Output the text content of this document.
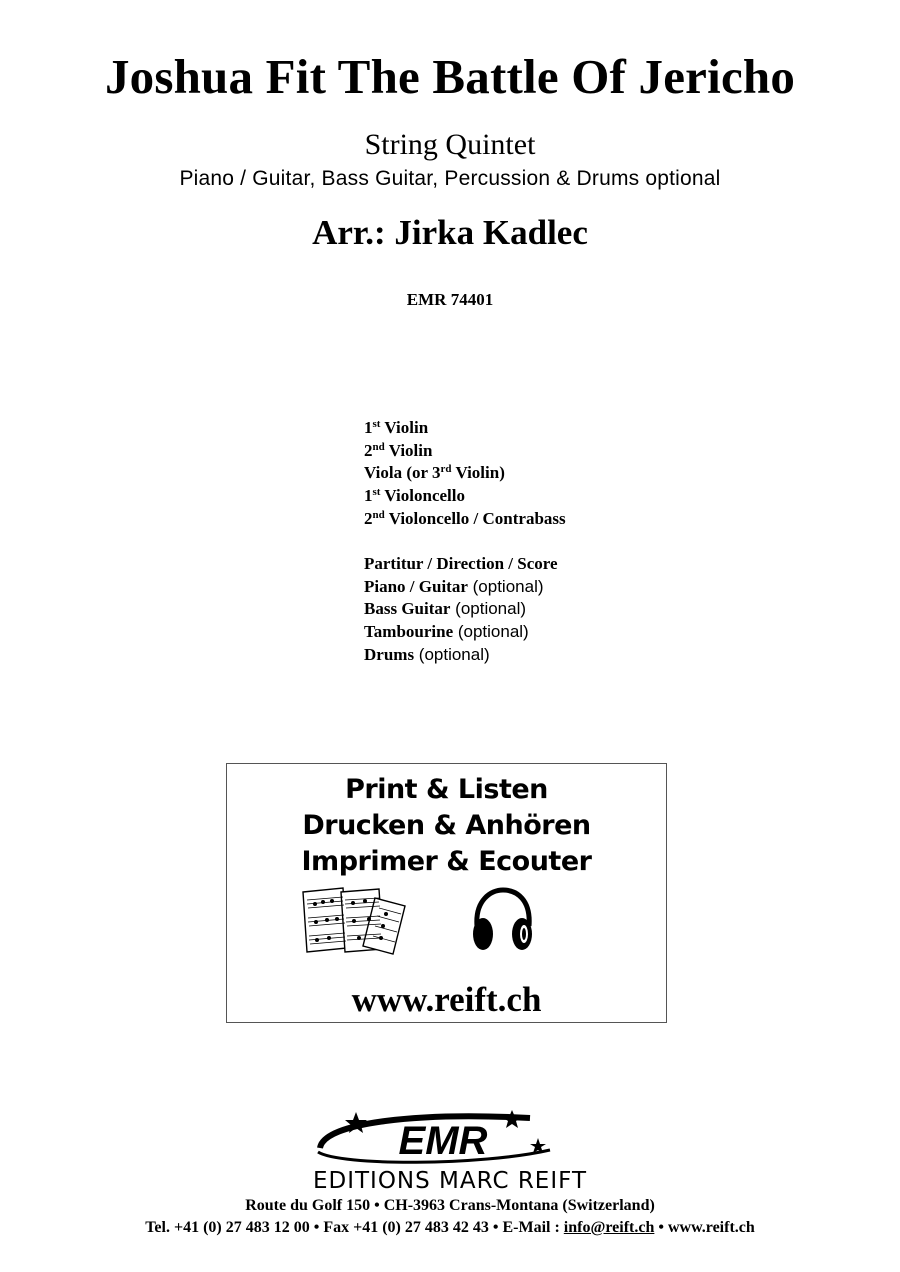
Joshua Fit The Battle Of Jericho
String Quintet
Piano / Guitar, Bass Guitar, Percussion & Drums optional
Arr.: Jirka Kadlec
EMR 74401
1st Violin
2nd Violin
Viola (or 3rd Violin)
1st Violoncello
2nd Violoncello / Contrabass
Partitur / Direction / Score
Piano / Guitar (optional)
Bass Guitar (optional)
Tambourine (optional)
Drums (optional)
Print & Listen
Drucken & Anhören
Imprimer & Ecouter
www.reift.ch
EMR
EDITIONS MARC REIFT
Route du Golf 150 • CH-3963 Crans-Montana (Switzerland)
Tel. +41 (0) 27 483 12 00 • Fax +41 (0) 27 483 42 43 • E-Mail : info@reift.ch • www.reift.ch
